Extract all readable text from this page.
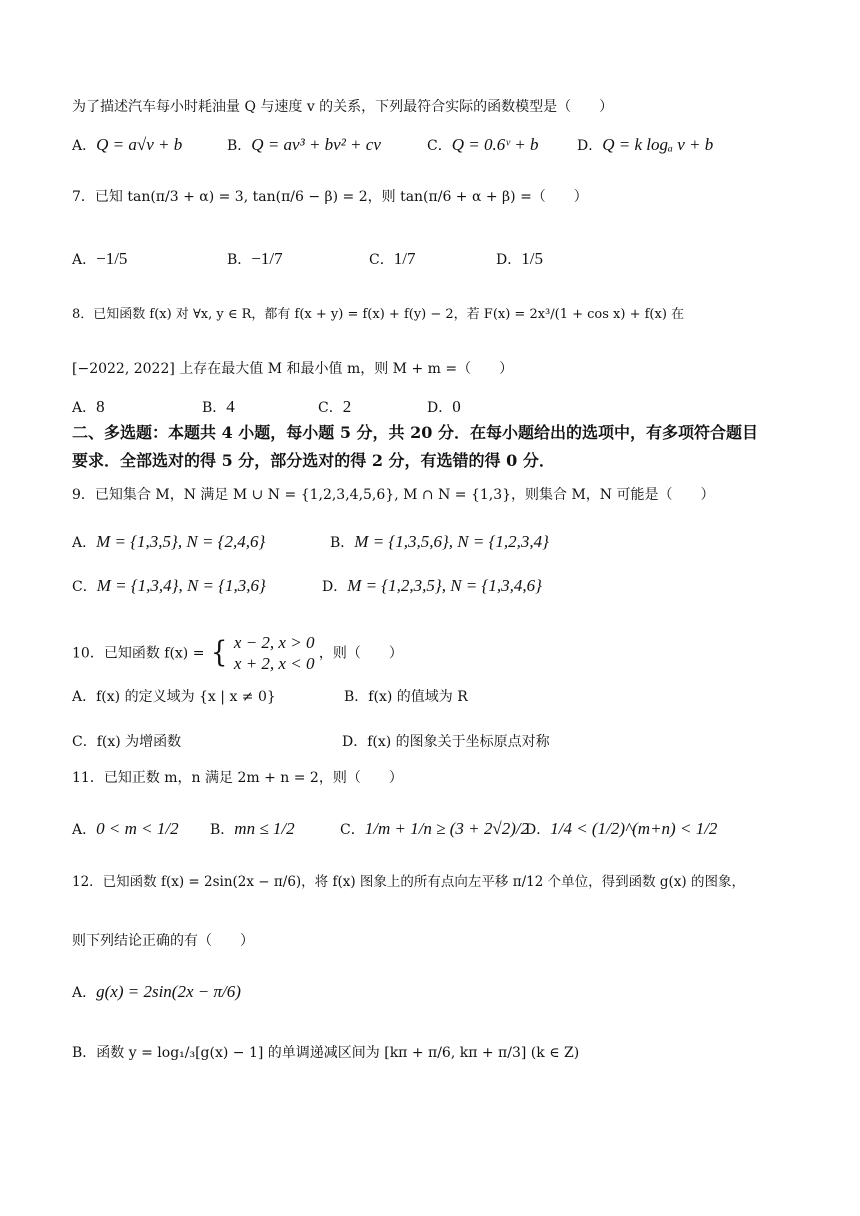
为了描述汽车每小时耗油量 Q 与速度 v 的关系，下列最符合实际的函数模型是（　　）
A．Q = a√v + b	B．Q = av³ + bv² + cv	C．Q = 0.6ᵛ + b	D．Q = k logₐ v + b
7．已知 tan(π/3 + α) = 3, tan(π/6 − β) = 2，则 tan(π/6 + α + β) =（　　）
A．−1/5	B．−1/7	C．1/7	D．1/5
8．已知函数 f(x) 对 ∀x, y ∈ R，都有 f(x + y) = f(x) + f(y) − 2，若 F(x) = 2x³/(1 + cos x) + f(x) 在
[−2022, 2022] 上存在最大值 M 和最小值 m，则 M + m =（　　）
A．8	B．4	C．2	D．0
二、多选题：本题共 4 小题，每小题 5 分，共 20 分．在每小题给出的选项中，有多项符合题目
要求．全部选对的得 5 分，部分选对的得 2 分，有选错的得 0 分．
9．已知集合 M，N 满足 M ∪ N = {1,2,3,4,5,6}, M ∩ N = {1,3}，则集合 M，N 可能是（　　）
A．M = {1,3,5}, N = {2,4,6}	B．M = {1,3,5,6}, N = {1,2,3,4}
C．M = {1,3,4}, N = {1,3,6}	D．M = {1,2,3,5}, N = {1,3,4,6}
10．已知函数 f(x) = { x − 2, x > 0
x + 2, x < 0
，则（　　）
A．f(x) 的定义域为 {x | x ≠ 0}	B．f(x) 的值域为 R
C．f(x) 为增函数	D．f(x) 的图象关于坐标原点对称
11．已知正数 m，n 满足 2m + n = 2，则（　　）
A．0 < m < 1/2 B．mn ≤ 1/2	C．1/m + 1/n ≥ (3 + 2√2)/2
D．1/4 < (1/2)^(m+n) < 1/2
12．已知函数 f(x) = 2sin(2x − π/6)，将 f(x) 图象上的所有点向左平移 π/12 个单位，得到函数 g(x) 的图象，
则下列结论正确的有（　　）
A．g(x) = 2sin(2x − π/6)
B．函数 y = log₁/₃[g(x) − 1] 的单调递减区间为 [kπ + π/6, kπ + π/3] (k ∈ Z)
